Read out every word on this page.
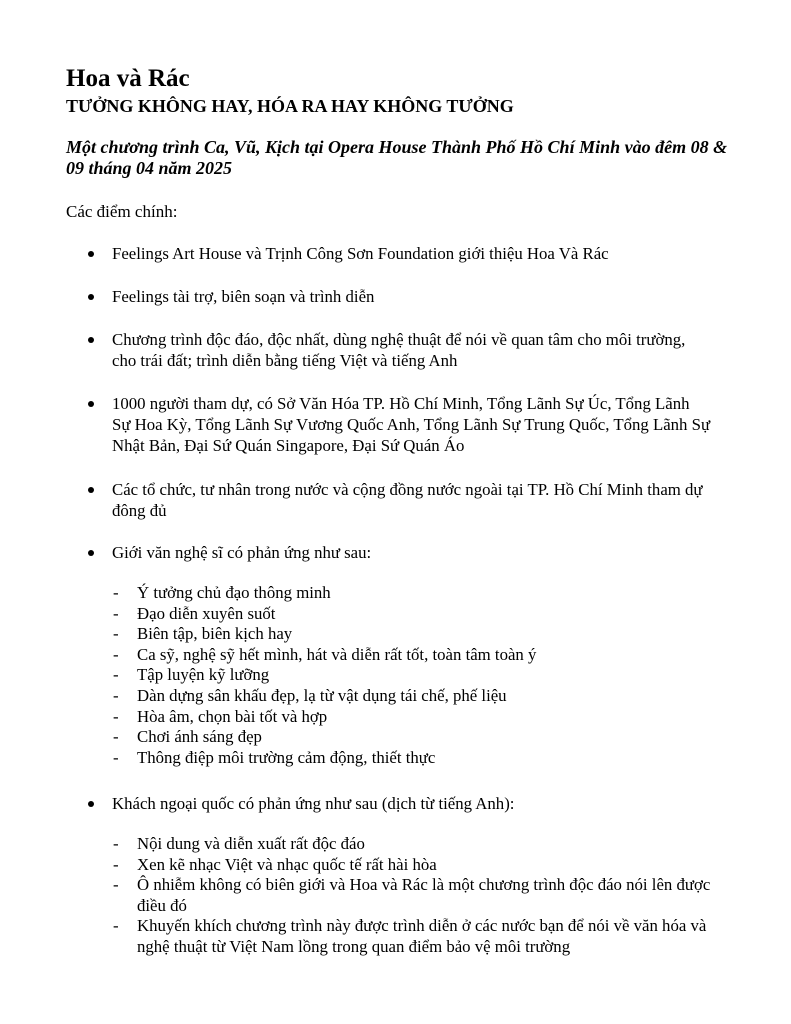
Hoa và Rác
TƯỞNG KHÔNG HAY, HÓA RA HAY KHÔNG TƯỞNG

Một chương trình Ca, Vũ, Kịch tại Opera House Thành Phố Hồ Chí Minh vào đêm 08 & 09 tháng 04 năm 2025

Các điểm chính:

Feelings Art House và Trịnh Công Sơn Foundation giới thiệu Hoa Và Rác
Feelings tài trợ, biên soạn và trình diễn
Chương trình độc đáo, độc nhất, dùng nghệ thuật để nói về quan tâm cho môi trường, cho trái đất; trình diễn bằng tiếng Việt và tiếng Anh
1000 người tham dự, có Sở Văn Hóa TP. Hồ Chí Minh, Tổng Lãnh Sự Úc, Tổng Lãnh Sự Hoa Kỳ, Tổng Lãnh Sự Vương Quốc Anh, Tổng Lãnh Sự Trung Quốc, Tổng Lãnh Sự Nhật Bản, Đại Sứ Quán Singapore, Đại Sứ Quán Áo
Các tổ chức, tư nhân trong nước và cộng đồng nước ngoài tại TP. Hồ Chí Minh tham dự đông đủ
Giới văn nghệ sĩ có phản ứng như sau:
- Ý tưởng chủ đạo thông minh
- Đạo diễn xuyên suốt
- Biên tập, biên kịch hay
- Ca sỹ, nghệ sỹ hết mình, hát và diễn rất tốt, toàn tâm toàn ý
- Tập luyện kỹ lưỡng
- Dàn dựng sân khấu đẹp, lạ từ vật dụng tái chế, phế liệu
- Hòa âm, chọn bài tốt và hợp
- Chơi ánh sáng đẹp
- Thông điệp môi trường cảm động, thiết thực
Khách ngoại quốc có phản ứng như sau (dịch từ tiếng Anh):
- Nội dung và diễn xuất rất độc đáo
- Xen kẽ nhạc Việt và nhạc quốc tế rất hài hòa
- Ô nhiễm không có biên giới và Hoa và Rác là một chương trình độc đáo nói lên được điều đó
- Khuyến khích chương trình này được trình diễn ở các nước bạn để nói về văn hóa và nghệ thuật từ Việt Nam lồng trong quan điểm bảo vệ môi trường
